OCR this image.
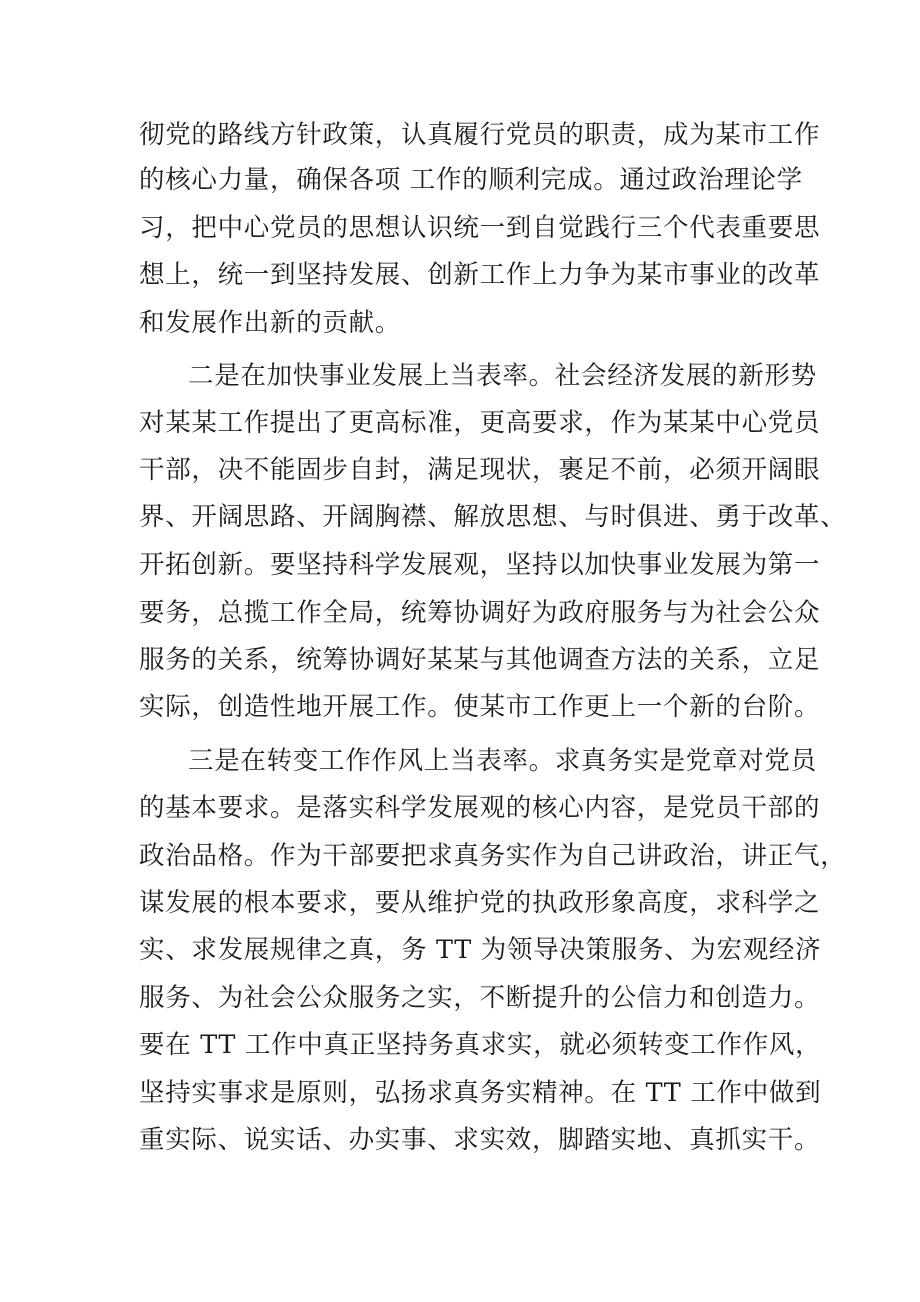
彻党的路线方针政策，认真履行党员的职责，成为某市工作
的核心力量，确保各项 工作的顺利完成。通过政治理论学
习，把中心党员的思想认识统一到自觉践行三个代表重要思
想上，统一到坚持发展、创新工作上力争为某市事业的改革
和发展作出新的贡献。
二是在加快事业发展上当表率。社会经济发展的新形势
对某某工作提出了更高标准，更高要求，作为某某中心党员
干部，决不能固步自封，满足现状，裹足不前，必须开阔眼
界、开阔思路、开阔胸襟、解放思想、与时俱进、勇于改革、
开拓创新。要坚持科学发展观，坚持以加快事业发展为第一
要务，总揽工作全局，统筹协调好为政府服务与为社会公众
服务的关系，统筹协调好某某与其他调查方法的关系，立足
实际，创造性地开展工作。使某市工作更上一个新的台阶。
三是在转变工作作风上当表率。求真务实是党章对党员
的基本要求。是落实科学发展观的核心内容，是党员干部的
政治品格。作为干部要把求真务实作为自己讲政治，讲正气，
谋发展的根本要求，要从维护党的执政形象高度，求科学之
实、求发展规律之真，务 TT 为领导决策服务、为宏观经济
服务、为社会公众服务之实，不断提升的公信力和创造力。
要在 TT 工作中真正坚持务真求实，就必须转变工作作风，
坚持实事求是原则，弘扬求真务实精神。在 TT 工作中做到
重实际、说实话、办实事、求实效，脚踏实地、真抓实干。
